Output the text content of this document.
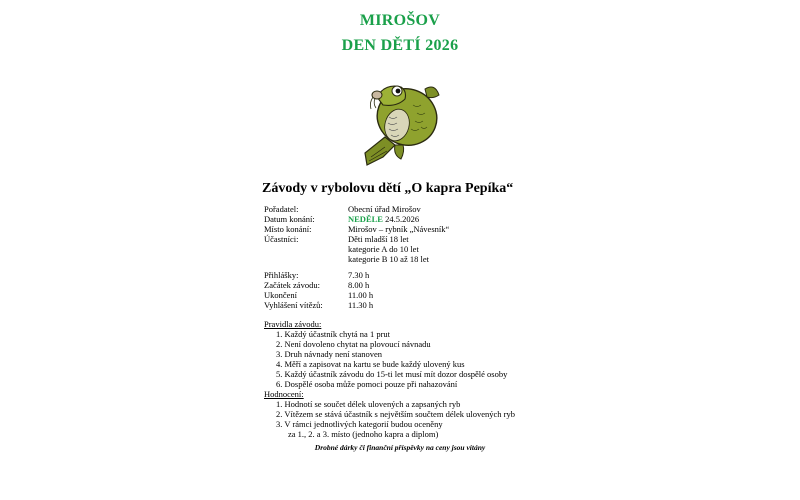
MIROŠOV
DEN DĚTÍ 2026
Závody v rybolovu dětí „O kapra Pepíka“
Pořadatel:	Obecní úřad Mirošov
Datum konání:	NEDĚLE 24.5.2026
Místo konání:	Mirošov – rybník „Návesník“
Účastníci:	Děti mladší 18 let
kategorie A do 10 let
kategorie B 10 až 18 let
Přihlášky:	7.30 h
Začátek závodu:	8.00 h
Ukončení	11.00 h
Vyhlášení vítězů:	11.30 h
Pravidla závodu:
1. Každý účastník chytá na 1 prut
2. Není dovoleno chytat na plovoucí návnadu
3. Druh návnady není stanoven
4. Měří a zapisovat na kartu se bude každý ulovený kus
5. Každý účastník závodu do 15-ti let musí mít dozor dospělé osoby
6. Dospělé osoba může pomoci pouze při nahazování
Hodnocení:
1. Hodnotí se součet délek ulovených a zapsaných ryb
2. Vítězem se stává účastník s největším součtem délek ulovených ryb
3. V rámci jednotlivých kategorií budou oceněny
za 1., 2. a 3. místo (jednoho kapra a diplom)
Drobné dárky či finanční příspěvky na ceny jsou vítány
